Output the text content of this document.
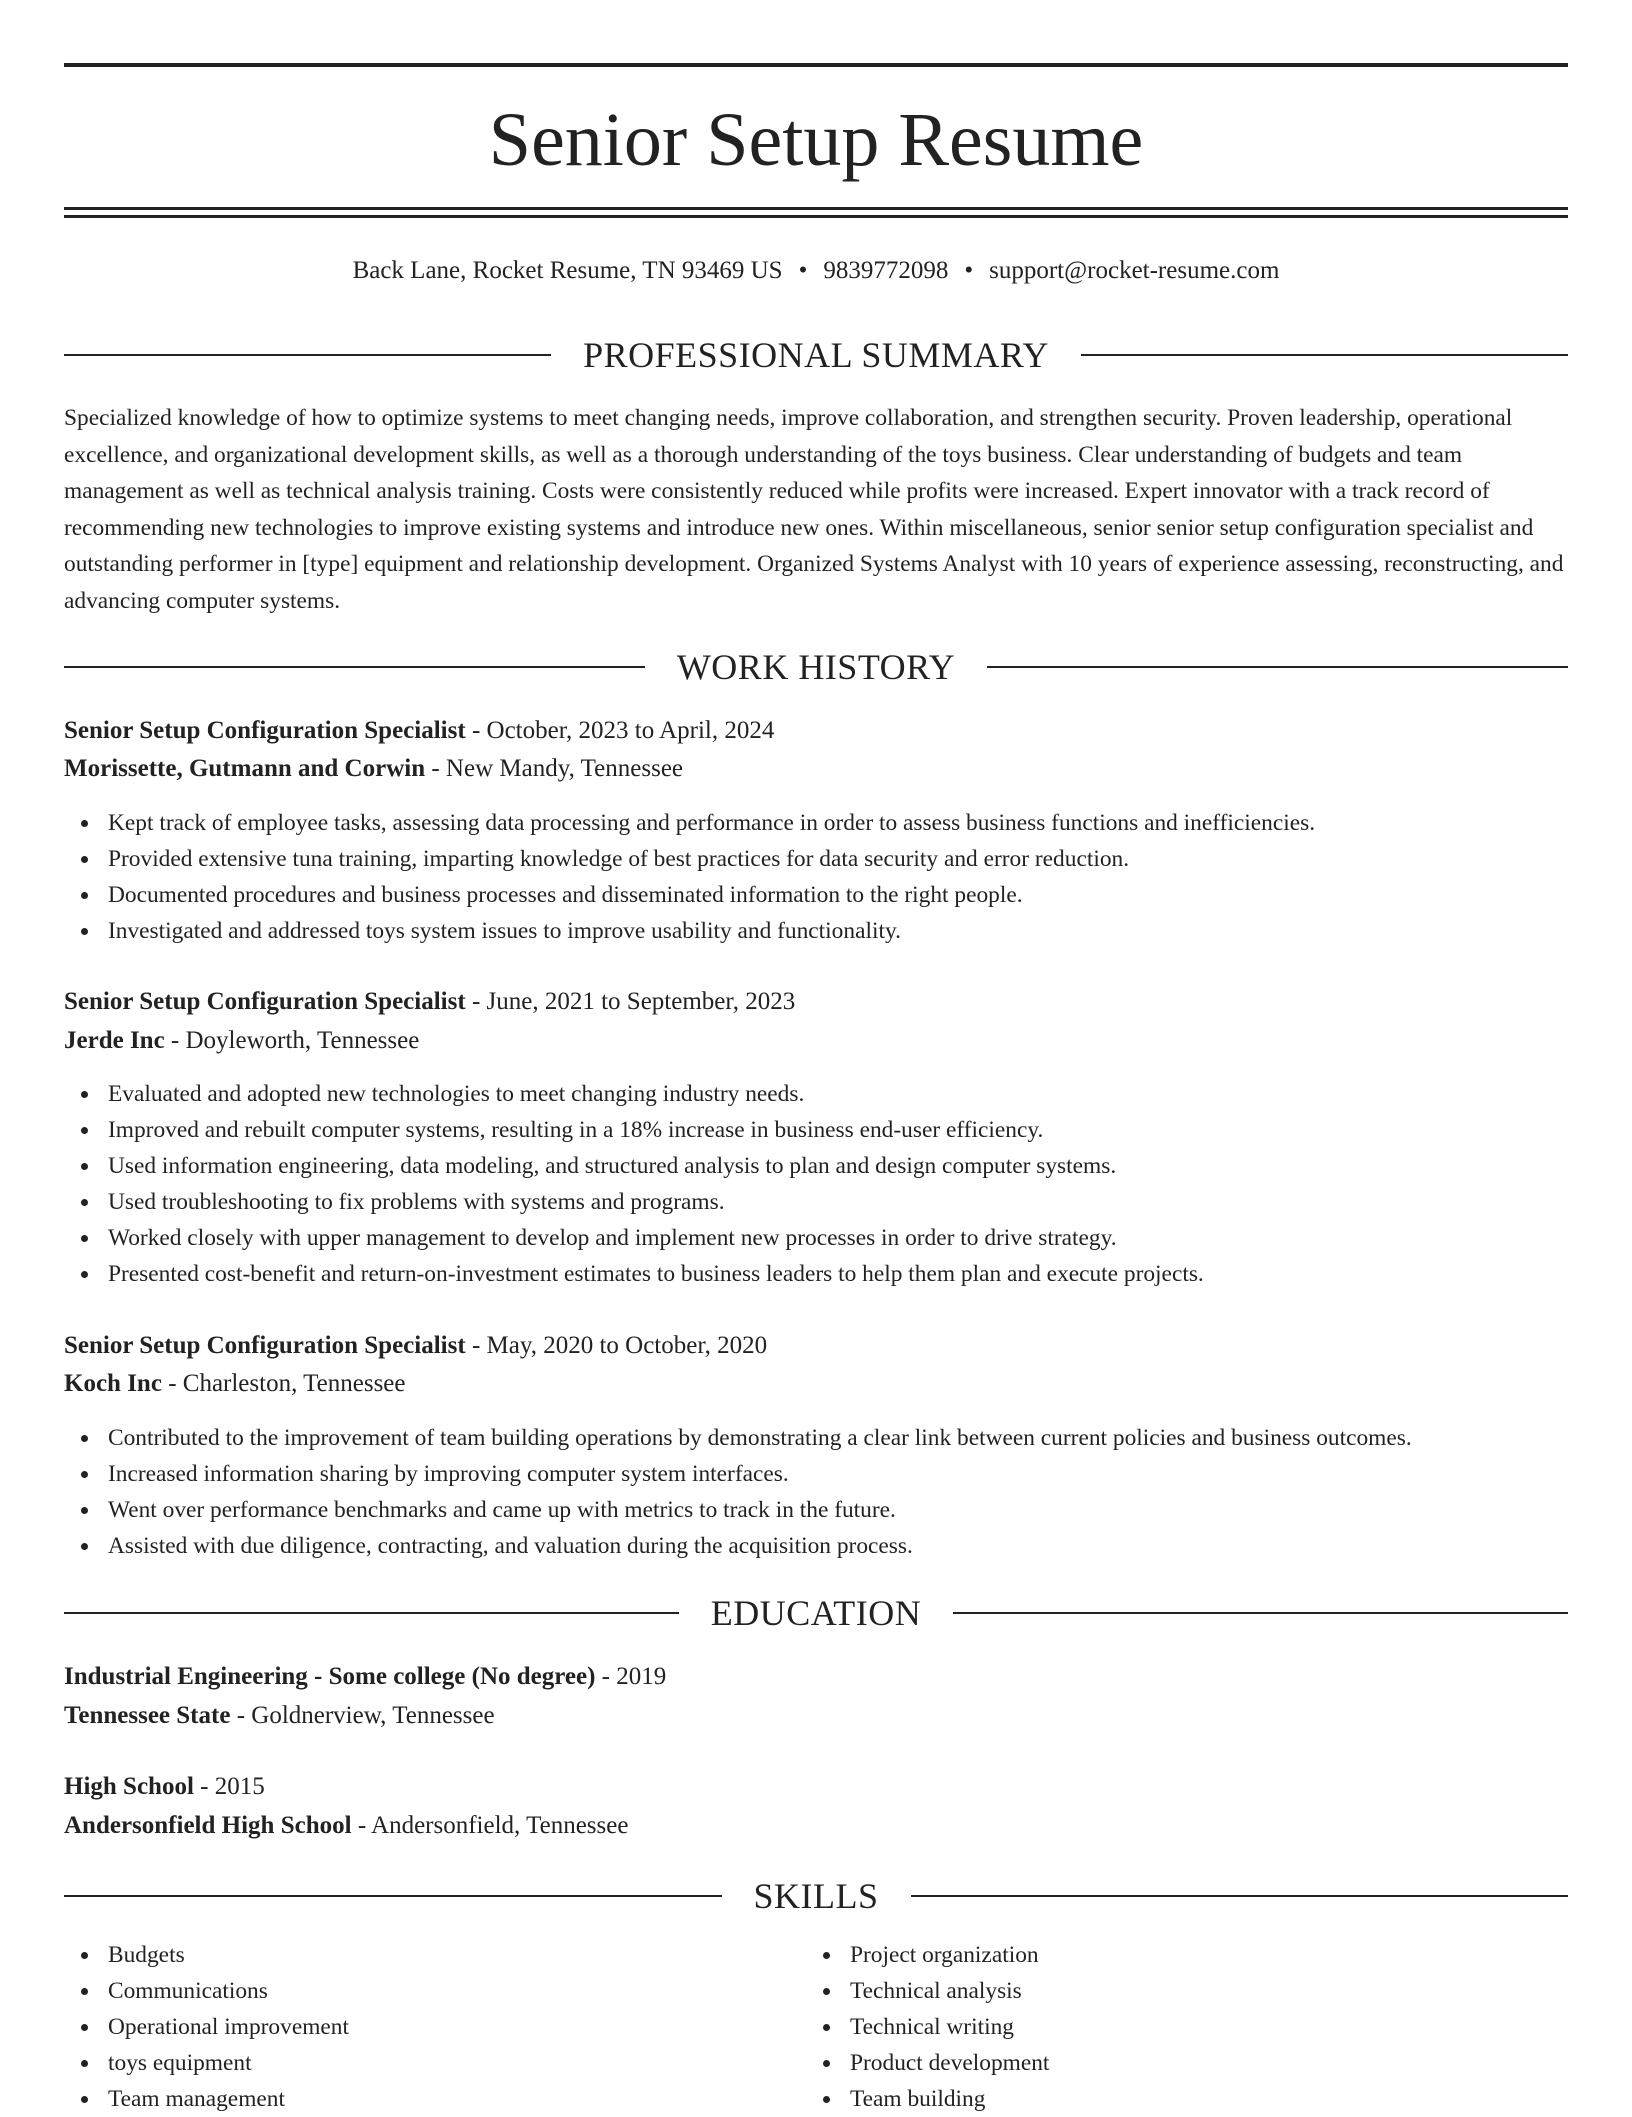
Senior Setup Resume
Back Lane, Rocket Resume, TN 93469 US • 9839772098 • support@rocket-resume.com
PROFESSIONAL SUMMARY

Specialized knowledge of how to optimize systems to meet changing needs, improve collaboration, and strengthen security. Proven leadership, operational excellence, and organizational development skills, as well as a thorough understanding of the toys business. Clear understanding of budgets and team management as well as technical analysis training. Costs were consistently reduced while profits were increased. Expert innovator with a track record of recommending new technologies to improve existing systems and introduce new ones. Within miscellaneous, senior senior setup configuration specialist and outstanding performer in [type] equipment and relationship development. Organized Systems Analyst with 10 years of experience assessing, reconstructing, and advancing computer systems.

WORK HISTORY
Senior Setup Configuration Specialist - October, 2023 to April, 2024
Morissette, Gutmann and Corwin - New Mandy, Tennessee
Kept track of employee tasks, assessing data processing and performance in order to assess business functions and inefficiencies.
Provided extensive tuna training, imparting knowledge of best practices for data security and error reduction.
Documented procedures and business processes and disseminated information to the right people.
Investigated and addressed toys system issues to improve usability and functionality.
Senior Setup Configuration Specialist - June, 2021 to September, 2023
Jerde Inc - Doyleworth, Tennessee
Evaluated and adopted new technologies to meet changing industry needs.
Improved and rebuilt computer systems, resulting in a 18% increase in business end-user efficiency.
Used information engineering, data modeling, and structured analysis to plan and design computer systems.
Used troubleshooting to fix problems with systems and programs.
Worked closely with upper management to develop and implement new processes in order to drive strategy.
Presented cost-benefit and return-on-investment estimates to business leaders to help them plan and execute projects.
Senior Setup Configuration Specialist - May, 2020 to October, 2020
Koch Inc - Charleston, Tennessee
Contributed to the improvement of team building operations by demonstrating a clear link between current policies and business outcomes.
Increased information sharing by improving computer system interfaces.
Went over performance benchmarks and came up with metrics to track in the future.
Assisted with due diligence, contracting, and valuation during the acquisition process.
EDUCATION
Industrial Engineering - Some college (No degree) - 2019
Tennessee State - Goldnerview, Tennessee
High School - 2015
Andersonfield High School - Andersonfield, Tennessee
SKILLS
Budgets
Communications
Operational improvement
toys equipment
Team management
Project organization
Technical analysis
Technical writing
Product development
Team building
